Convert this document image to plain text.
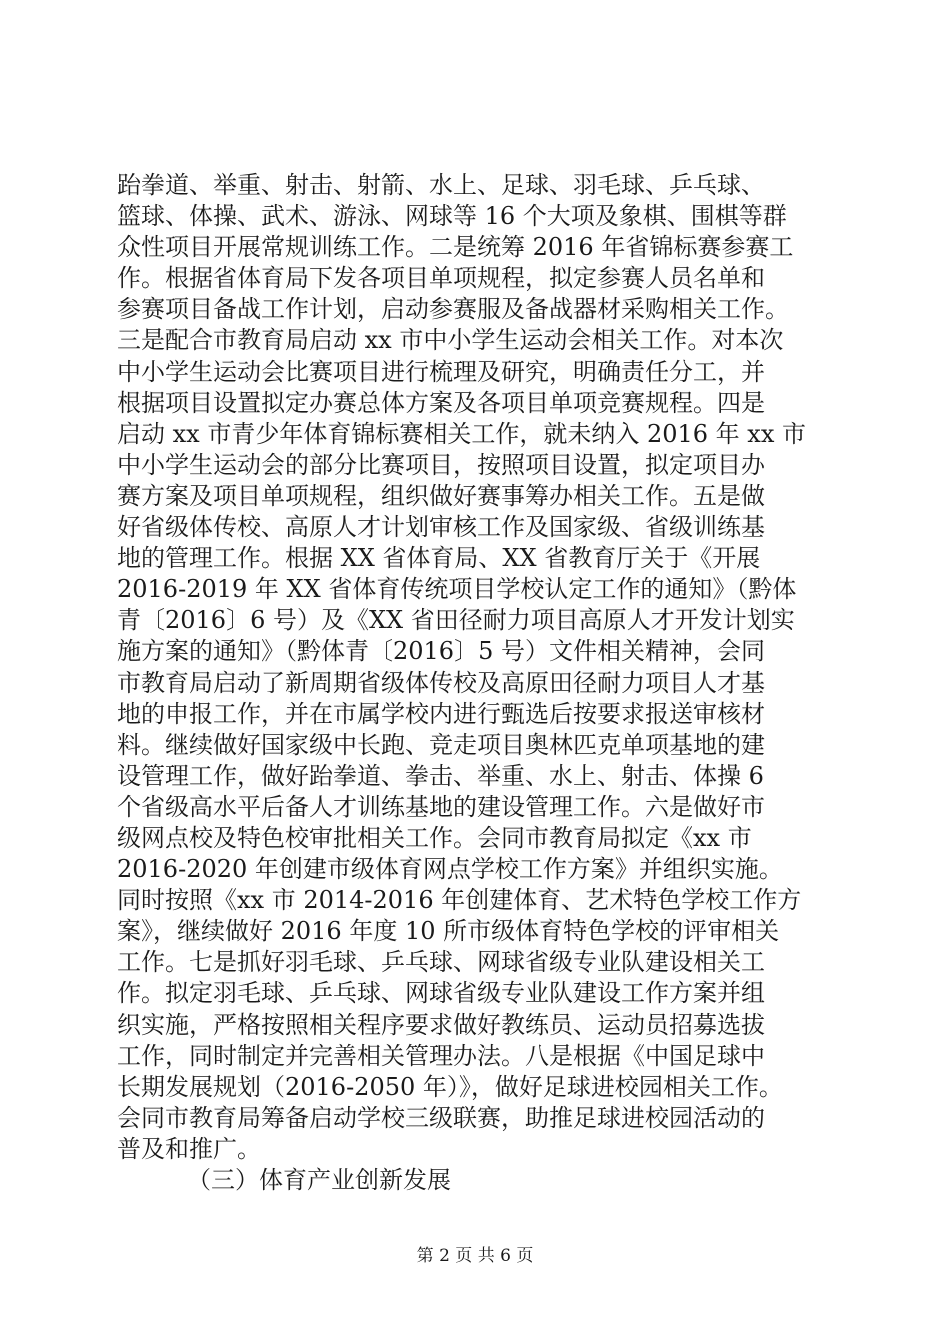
跆拳道、举重、射击、射箭、水上、足球、羽毛球、乒乓球、
篮球、体操、武术、游泳、网球等 16 个大项及象棋、围棋等群
众性项目开展常规训练工作。二是统筹 2016 年省锦标赛参赛工
作。根据省体育局下发各项目单项规程，拟定参赛人员名单和
参赛项目备战工作计划，启动参赛服及备战器材采购相关工作。
三是配合市教育局启动 xx 市中小学生运动会相关工作。对本次
中小学生运动会比赛项目进行梳理及研究，明确责任分工，并
根据项目设置拟定办赛总体方案及各项目单项竞赛规程。四是
启动 xx 市青少年体育锦标赛相关工作，就未纳入 2016 年 xx 市
中小学生运动会的部分比赛项目，按照项目设置，拟定项目办
赛方案及项目单项规程，组织做好赛事筹办相关工作。五是做
好省级体传校、高原人才计划审核工作及国家级、省级训练基
地的管理工作。根据 XX 省体育局、XX 省教育厅关于《开展
2016-2019 年 XX 省体育传统项目学校认定工作的通知》（黔体
青〔2016〕6 号）及《XX 省田径耐力项目高原人才开发计划实
施方案的通知》（黔体青〔2016〕5 号）文件相关精神，会同
市教育局启动了新周期省级体传校及高原田径耐力项目人才基
地的申报工作，并在市属学校内进行甄选后按要求报送审核材
料。继续做好国家级中长跑、竞走项目奥林匹克单项基地的建
设管理工作，做好跆拳道、拳击、举重、水上、射击、体操 6
个省级高水平后备人才训练基地的建设管理工作。六是做好市
级网点校及特色校审批相关工作。会同市教育局拟定《xx 市
2016-2020 年创建市级体育网点学校工作方案》并组织实施。
同时按照《xx 市 2014-2016 年创建体育、艺术特色学校工作方
案》，继续做好 2016 年度 10 所市级体育特色学校的评审相关
工作。七是抓好羽毛球、乒乓球、网球省级专业队建设相关工
作。拟定羽毛球、乒乓球、网球省级专业队建设工作方案并组
织实施，严格按照相关程序要求做好教练员、运动员招募选拔
工作，同时制定并完善相关管理办法。八是根据《中国足球中
长期发展规划（2016-2050 年）》，做好足球进校园相关工作。
会同市教育局筹备启动学校三级联赛，助推足球进校园活动的
普及和推广。
（三）体育产业创新发展
第 2 页 共 6 页
